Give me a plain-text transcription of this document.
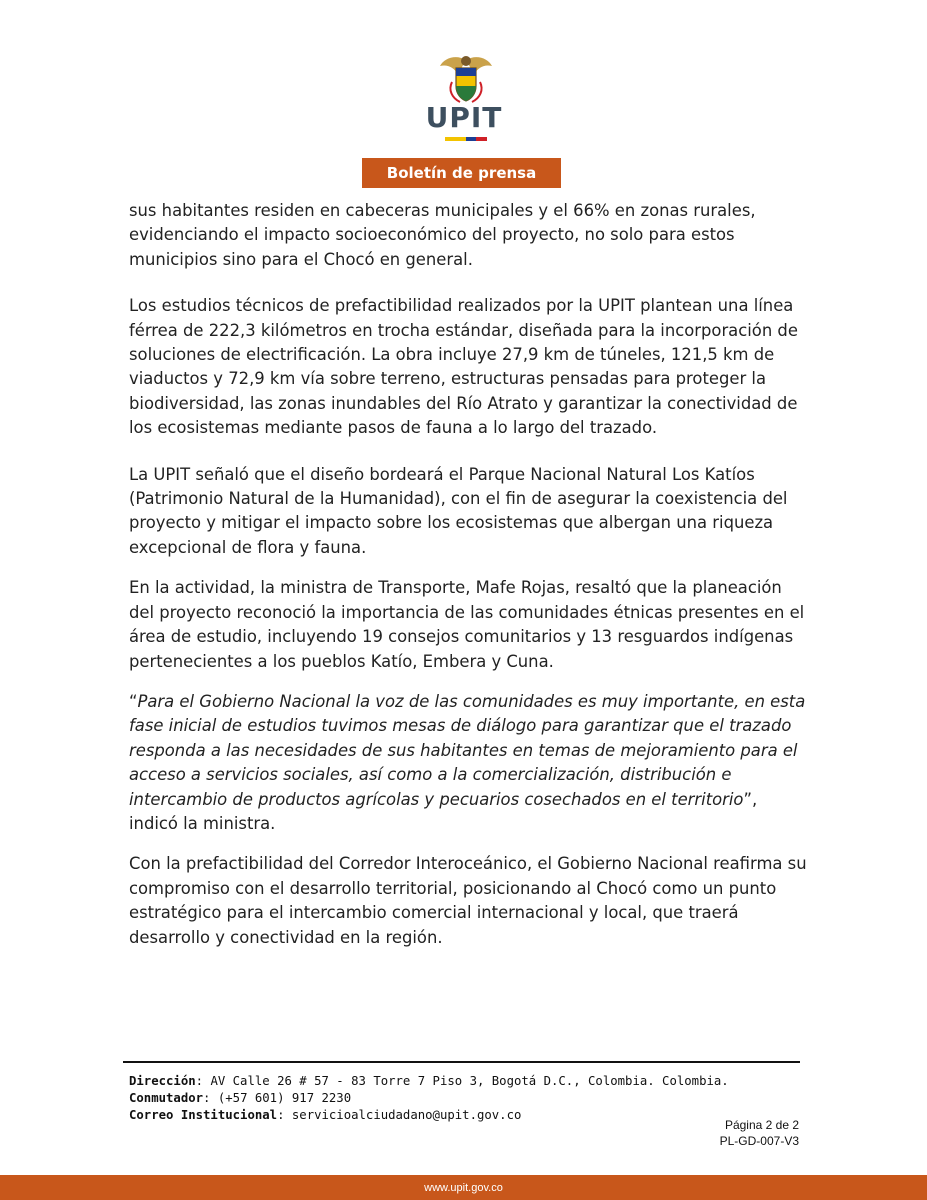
UPIT
Boletín de prensa

sus habitantes residen en cabeceras municipales y el 66% en zonas rurales, evidenciando el impacto socioeconómico del proyecto, no solo para estos municipios sino para el Chocó en general.

Los estudios técnicos de prefactibilidad realizados por la UPIT plantean una línea férrea de 222,3 kilómetros en trocha estándar, diseñada para la incorporación de soluciones de electrificación. La obra incluye 27,9 km de túneles, 121,5 km de viaductos y 72,9 km vía sobre terreno, estructuras pensadas para proteger la biodiversidad, las zonas inundables del Río Atrato y garantizar la conectividad de los ecosistemas mediante pasos de fauna a lo largo del trazado.

La UPIT señaló que el diseño bordeará el Parque Nacional Natural Los Katíos (Patrimonio Natural de la Humanidad), con el fin de asegurar la coexistencia del proyecto y mitigar el impacto sobre los ecosistemas que albergan una riqueza excepcional de flora y fauna.

En la actividad, la ministra de Transporte, Mafe Rojas, resaltó que la planeación del proyecto reconoció la importancia de las comunidades étnicas presentes en el área de estudio, incluyendo 19 consejos comunitarios y 13 resguardos indígenas pertenecientes a los pueblos Katío, Embera y Cuna.

“Para el Gobierno Nacional la voz de las comunidades es muy importante, en esta fase inicial de estudios tuvimos mesas de diálogo para garantizar que el trazado responda a las necesidades de sus habitantes en temas de mejoramiento para el acceso a servicios sociales, así como a la comercialización, distribución e intercambio de productos agrícolas y pecuarios cosechados en el territorio”, indicó la ministra.

Con la prefactibilidad del Corredor Interoceánico, el Gobierno Nacional reafirma su compromiso con el desarrollo territorial, posicionando al Chocó como un punto estratégico para el intercambio comercial internacional y local, que traerá desarrollo y conectividad en la región.

Dirección: AV Calle 26 # 57 - 83 Torre 7 Piso 3, Bogotá D.C., Colombia. Colombia.
Conmutador: (+57 601) 917 2230
Correo Institucional: servicioalciudadano@upit.gov.co
Página 2 de 2
PL-GD-007-V3
www.upit.gov.co
